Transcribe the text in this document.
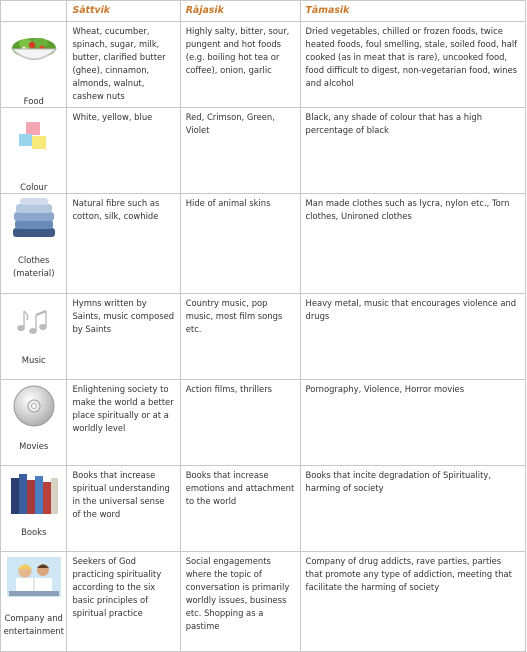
	Sāttvik	Rājasik	Tāmasik

Food	Wheat, cucumber, spinach, sugar, milk, butter, clarified butter (ghee), cinnamon, almonds, walnut, cashew nuts	Highly salty, bitter, sour, pungent and hot foods (e.g. boiling hot tea or coffee), onion, garlic	Dried vegetables, chilled or frozen foods, twice heated foods, foul smelling, stale, soiled food, half cooked (as in meat that is rare), uncooked food, food difficult to digest, non-vegetarian food, wines and alcohol

Colour	White, yellow, blue	Red, Crimson, Green, Violet	Black, any shade of colour that has a high percentage of black

Clothes (material)	Natural fibre such as cotton, silk, cowhide	Hide of animal skins	Man made clothes such as lycra, nylon etc., Torn clothes, Unironed clothes

Music	Hymns written by Saints, music composed by Saints	Country music, pop music, most film songs etc.	Heavy metal, music that encourages violence and drugs

Movies	Enlightening society to make the world a better place spiritually or at a worldly level	Action films, thrillers	Pornography, Violence, Horror movies

Books	Books that increase spiritual understanding in the universal sense of the word	Books that increase emotions and attachment to the world	Books that incite degradation of Spirituality, harming of society

Company and entertainment	Seekers of God practicing spirituality according to the six basic principles of spiritual practice	Social engagements where the topic of conversation is primarily worldly issues, business etc. Shopping as a pastime	Company of drug addicts, rave parties, parties that promote any type of addiction, meeting that facilitate the harming of society
